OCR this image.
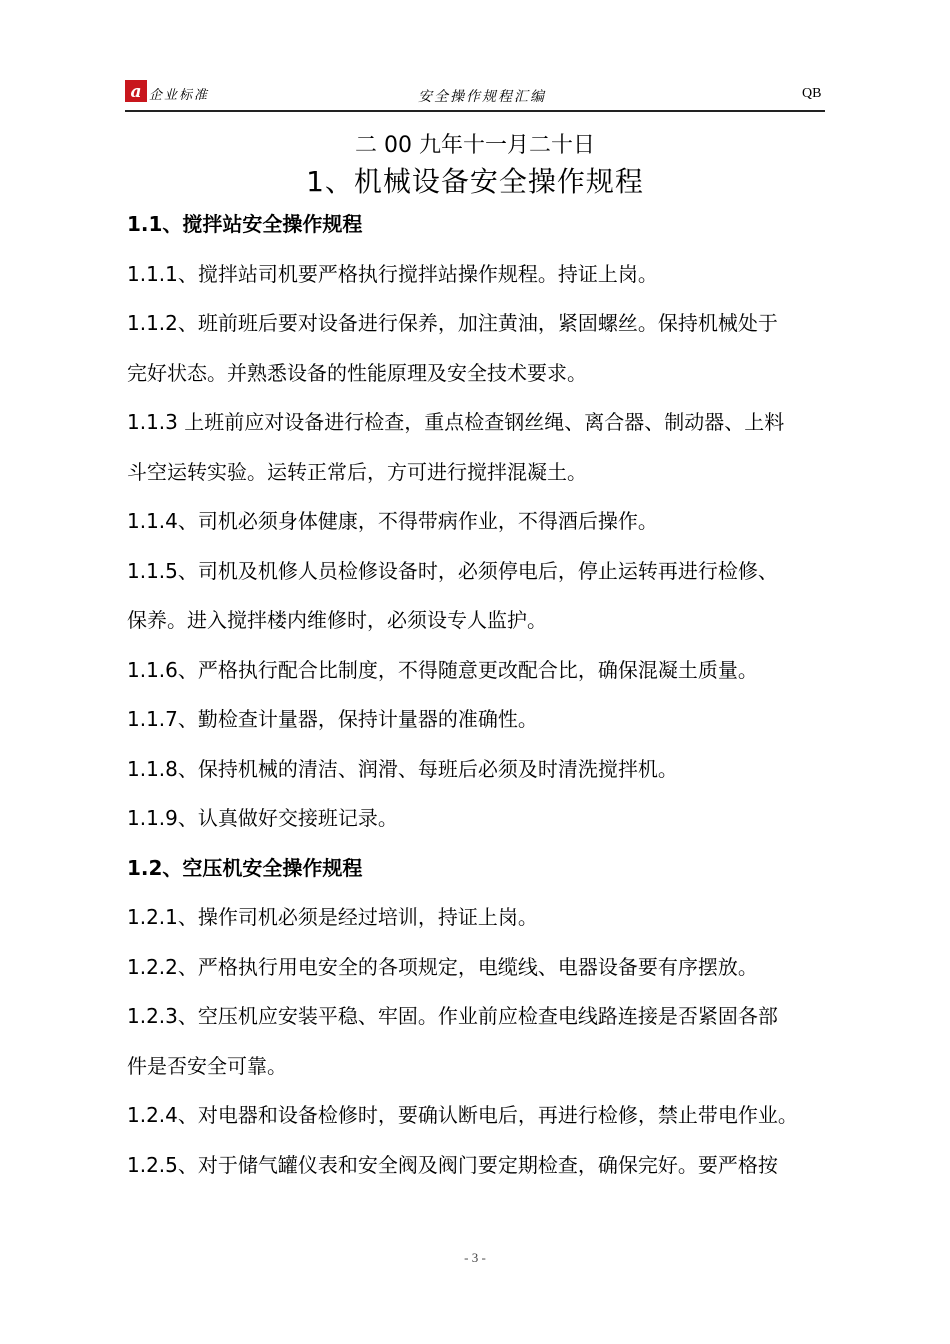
a 企业标准	安全操作规程汇编	QB
二 00 九年十一月二十日
1、机械设备安全操作规程
1.1、搅拌站安全操作规程
1.1.1、搅拌站司机要严格执行搅拌站操作规程。持证上岗。
1.1.2、班前班后要对设备进行保养，加注黄油，紧固螺丝。保持机械处于
完好状态。并熟悉设备的性能原理及安全技术要求。
1.1.3 上班前应对设备进行检查，重点检查钢丝绳、离合器、制动器、上料
斗空运转实验。运转正常后，方可进行搅拌混凝土。
1.1.4、司机必须身体健康，不得带病作业，不得酒后操作。
1.1.5、司机及机修人员检修设备时，必须停电后，停止运转再进行检修、
保养。进入搅拌楼内维修时，必须设专人监护。
1.1.6、严格执行配合比制度，不得随意更改配合比，确保混凝土质量。
1.1.7、勤检查计量器，保持计量器的准确性。
1.1.8、保持机械的清洁、润滑、每班后必须及时清洗搅拌机。
1.1.9、认真做好交接班记录。
1.2、空压机安全操作规程
1.2.1、操作司机必须是经过培训，持证上岗。
1.2.2、严格执行用电安全的各项规定，电缆线、电器设备要有序摆放。
1.2.3、空压机应安装平稳、牢固。作业前应检查电线路连接是否紧固各部
件是否安全可靠。
1.2.4、对电器和设备检修时，要确认断电后，再进行检修，禁止带电作业。
1.2.5、对于储气罐仪表和安全阀及阀门要定期检查，确保完好。要严格按
- 3 -
